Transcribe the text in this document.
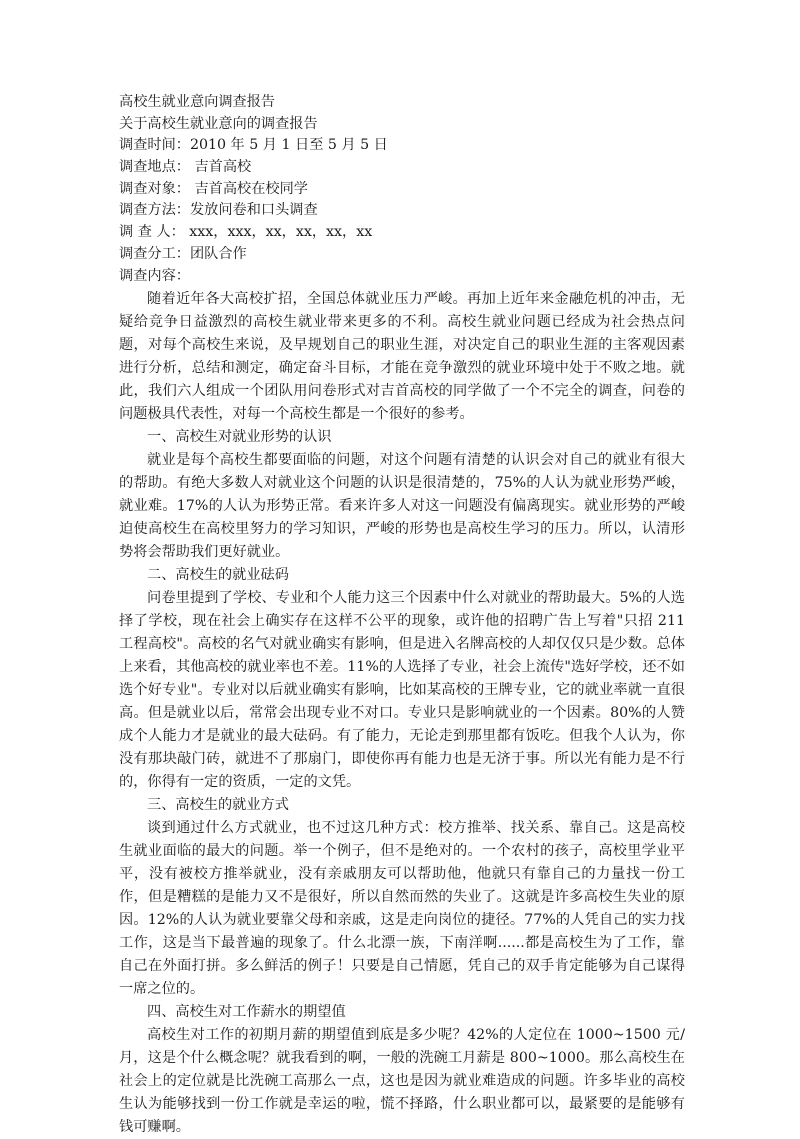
高校生就业意向调查报告
关于高校生就业意向的调查报告
调查时间：2010 年 5 月 1 日至 5 月 5 日
调查地点： 吉首高校
调查对象： 吉首高校在校同学
调查方法：发放问卷和口头调查
调 查 人： xxx，xxx，xx，xx，xx，xx
调查分工：团队合作
调查内容：

随着近年各大高校扩招，全国总体就业压力严峻。再加上近年来金融危机的冲击，无疑给竞争日益激烈的高校生就业带来更多的不利。高校生就业问题已经成为社会热点问题，对每个高校生来说，及早规划自己的职业生涯，对决定自己的职业生涯的主客观因素进行分析，总结和测定，确定奋斗目标，才能在竞争激烈的就业环境中处于不败之地。就此，我们六人组成一个团队用问卷形式对吉首高校的同学做了一个不完全的调查，问卷的问题极具代表性，对每一个高校生都是一个很好的参考。

一、高校生对就业形势的认识

就业是每个高校生都要面临的问题，对这个问题有清楚的认识会对自己的就业有很大的帮助。有绝大多数人对就业这个问题的认识是很清楚的，75%的人认为就业形势严峻，就业难。17%的人认为形势正常。看来许多人对这一问题没有偏离现实。就业形势的严峻迫使高校生在高校里努力的学习知识，严峻的形势也是高校生学习的压力。所以，认清形势将会帮助我们更好就业。

二、高校生的就业砝码

问卷里提到了学校、专业和个人能力这三个因素中什么对就业的帮助最大。5%的人选择了学校，现在社会上确实存在这样不公平的现象，或许他的招聘广告上写着"只招 211 工程高校"。高校的名气对就业确实有影响，但是进入名牌高校的人却仅仅只是少数。总体上来看，其他高校的就业率也不差。11%的人选择了专业，社会上流传"选好学校，还不如选个好专业"。专业对以后就业确实有影响，比如某高校的王牌专业，它的就业率就一直很高。但是就业以后，常常会出现专业不对口。专业只是影响就业的一个因素。80%的人赞成个人能力才是就业的最大砝码。有了能力，无论走到那里都有饭吃。但我个人认为，你没有那块敲门砖，就进不了那扇门，即使你再有能力也是无济于事。所以光有能力是不行的，你得有一定的资质，一定的文凭。

三、高校生的就业方式

谈到通过什么方式就业，也不过这几种方式：校方推举、找关系、靠自己。这是高校生就业面临的最大的问题。举一个例子，但不是绝对的。一个农村的孩子，高校里学业平平，没有被校方推举就业，没有亲戚朋友可以帮助他，他就只有靠自己的力量找一份工作，但是糟糕的是能力又不是很好，所以自然而然的失业了。这就是许多高校生失业的原因。12%的人认为就业要靠父母和亲戚，这是走向岗位的捷径。77%的人凭自己的实力找工作，这是当下最普遍的现象了。什么北漂一族，下南洋啊......都是高校生为了工作，靠自己在外面打拼。多么鲜活的例子！只要是自己情愿，凭自己的双手肯定能够为自己谋得一席之位的。

四、高校生对工作薪水的期望值

高校生对工作的初期月薪的期望值到底是多少呢？42%的人定位在 1000~1500 元/月，这是个什么概念呢？就我看到的啊，一般的洗碗工月薪是 800~1000。那么高校生在社会上的定位就是比洗碗工高那么一点，这也是因为就业难造成的问题。许多毕业的高校生认为能够找到一份工作就是幸运的啦，慌不择路，什么职业都可以，最紧要的是能够有钱可赚啊。
